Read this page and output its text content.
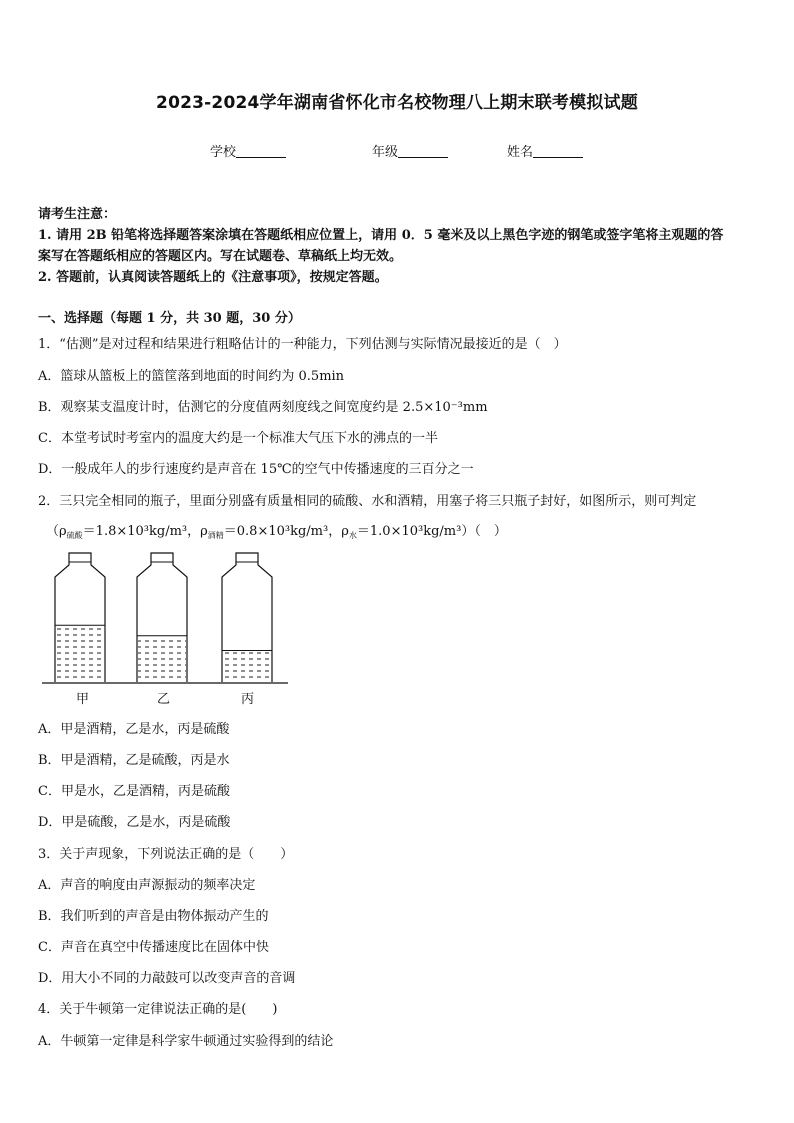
2023-2024学年湖南省怀化市名校物理八上期末联考模拟试题
学校	年级	姓名
请考生注意：
1. 请用 2B 铅笔将选择题答案涂填在答题纸相应位置上，请用 0．5 毫米及以上黑色字迹的钢笔或签字笔将主观题的答
案写在答题纸相应的答题区内。写在试题卷、草稿纸上均无效。
2. 答题前，认真阅读答题纸上的《注意事项》，按规定答题。
一、选择题（每题 1 分，共 30 题，30 分）
1．“估测”是对过程和结果进行粗略估计的一种能力，下列估测与实际情况最接近的是（　）
A．篮球从篮板上的篮筐落到地面的时间约为 0.5min
B．观察某支温度计时，估测它的分度值两刻度线之间宽度约是 2.5×10⁻³mm
C．本堂考试时考室内的温度大约是一个标准大气压下水的沸点的一半
D．一般成年人的步行速度约是声音在 15℃的空气中传播速度的三百分之一
2．三只完全相同的瓶子，里面分别盛有质量相同的硫酸、水和酒精，用塞子将三只瓶子封好，如图所示，则可判定
（$\rho_{硫酸}=1.8\times 10^3kg/m^3$，$\rho_{酒精}=0.8\times 10^3kg/m^3$，$\rho_水=1.0\times 10^3kg/m^3$）（　）
甲	乙	丙
A．甲是酒精，乙是水，丙是硫酸
B．甲是酒精，乙是硫酸，丙是水
C．甲是水，乙是酒精，丙是硫酸
D．甲是硫酸，乙是水，丙是硫酸
3．关于声现象，下列说法正确的是（　　）
A．声音的响度由声源振动的频率决定
B．我们听到的声音是由物体振动产生的
C．声音在真空中传播速度比在固体中快
D．用大小不同的力敲鼓可以改变声音的音调
4．关于牛顿第一定律说法正确的是(　　)
A．牛顿第一定律是科学家牛顿通过实验得到的结论
